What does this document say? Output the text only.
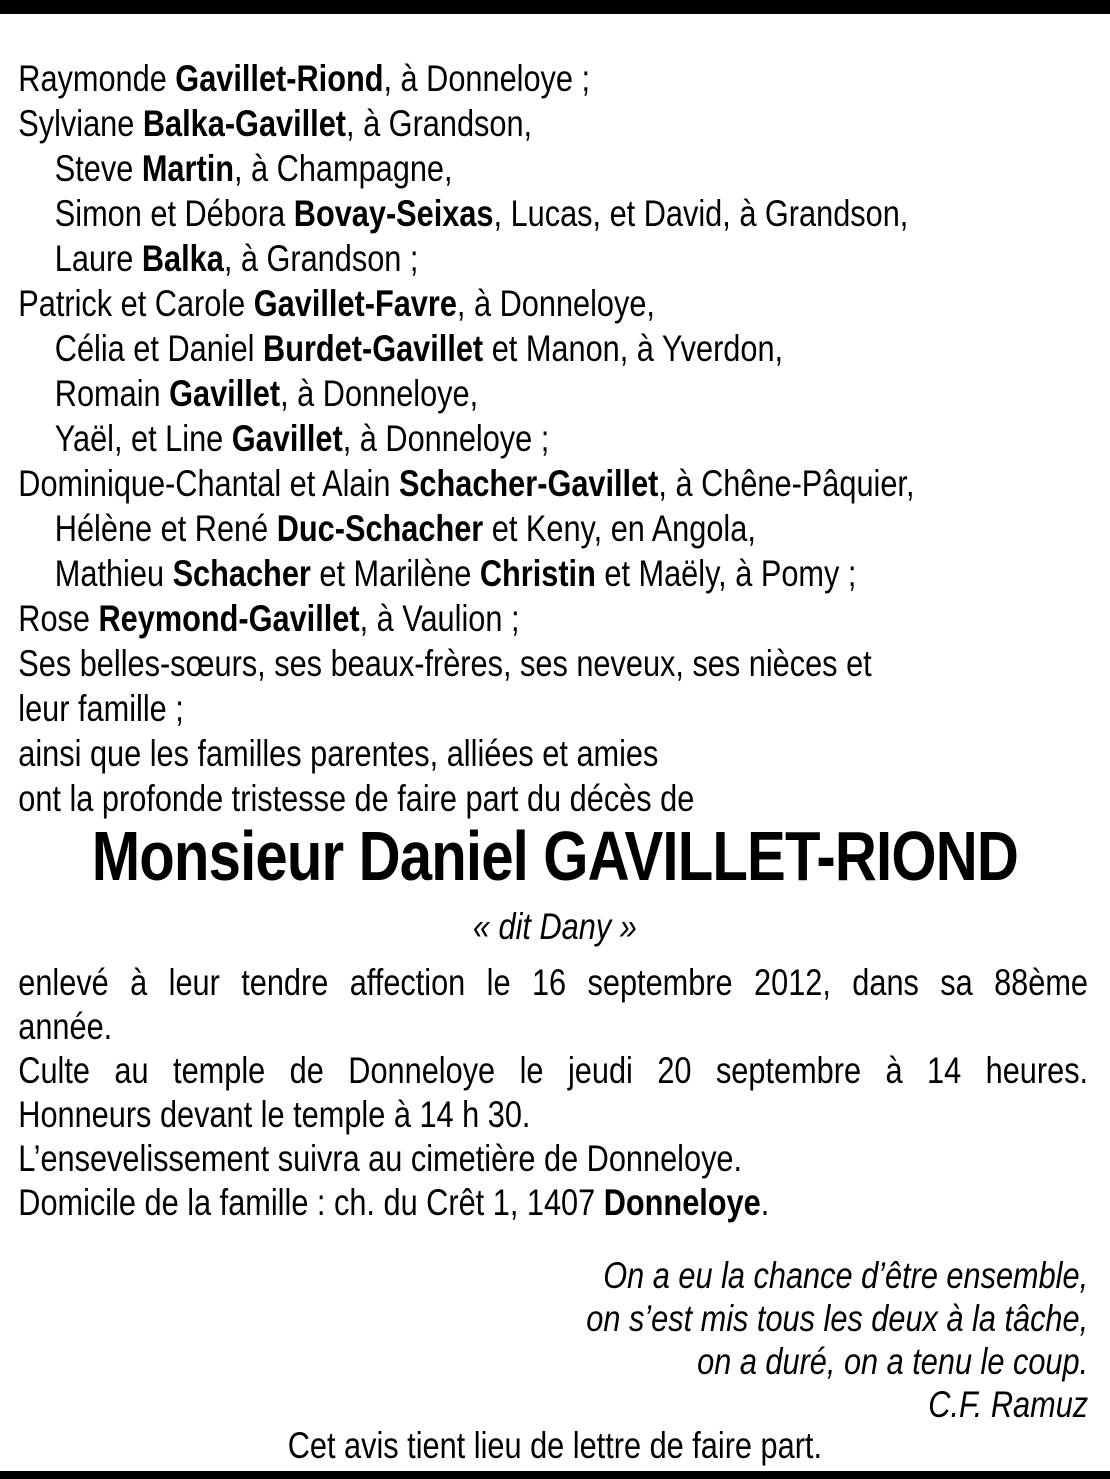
Raymonde Gavillet-Riond, à Donneloye ;
Sylviane Balka-Gavillet, à Grandson,
Steve Martin, à Champagne,
Simon et Débora Bovay-Seixas, Lucas, et David, à Grandson,
Laure Balka, à Grandson ;
Patrick et Carole Gavillet-Favre, à Donneloye,
Célia et Daniel Burdet-Gavillet et Manon, à Yverdon,
Romain Gavillet, à Donneloye,
Yaël, et Line Gavillet, à Donneloye ;
Dominique-Chantal et Alain Schacher-Gavillet, à Chêne-Pâquier,
Hélène et René Duc-Schacher et Keny, en Angola,
Mathieu Schacher et Marilène Christin et Maëly, à Pomy ;
Rose Reymond-Gavillet, à Vaulion ;
Ses belles-sœurs, ses beaux-frères, ses neveux, ses nièces et
leur famille ;
ainsi que les familles parentes, alliées et amies
ont la profonde tristesse de faire part du décès de
Monsieur Daniel GAVILLET-RIOND
« dit Dany »
enlevé à leur tendre affection le 16 septembre 2012, dans sa 88ème
année.
Culte au temple de Donneloye le jeudi 20 septembre à 14 heures.
Honneurs devant le temple à 14 h 30.
L’ensevelissement suivra au cimetière de Donneloye.
Domicile de la famille : ch. du Crêt 1, 1407 Donneloye.
On a eu la chance d’être ensemble,
on s’est mis tous les deux à la tâche,
on a duré, on a tenu le coup.
C.F. Ramuz
Cet avis tient lieu de lettre de faire part.
